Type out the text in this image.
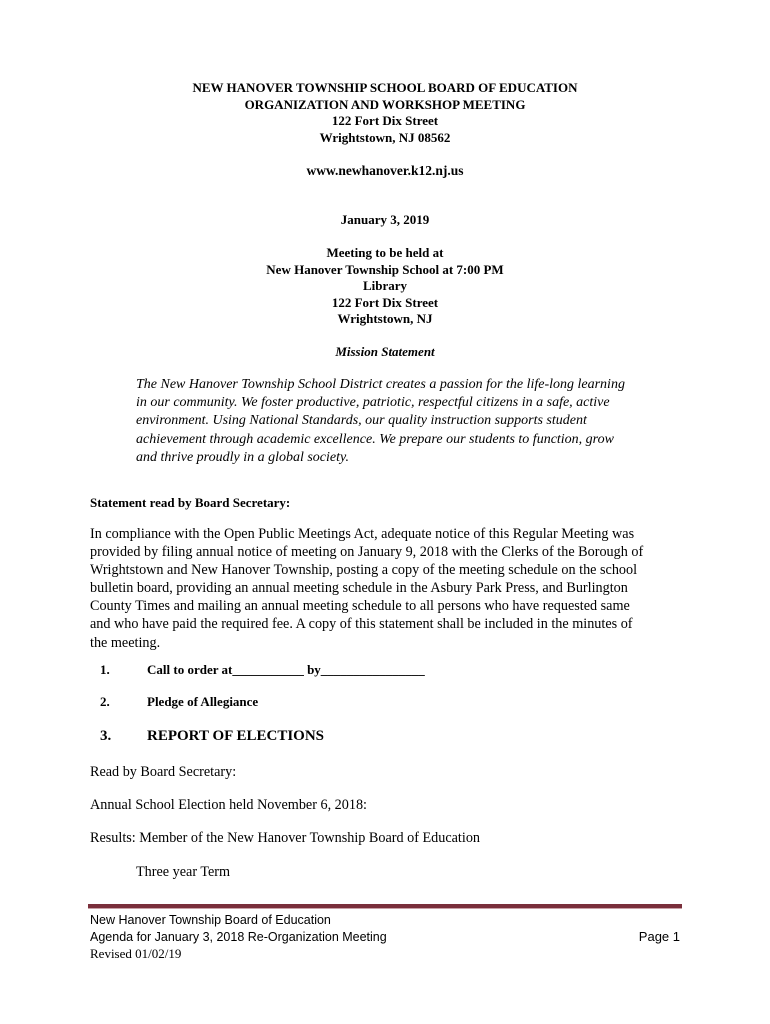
NEW HANOVER TOWNSHIP SCHOOL BOARD OF EDUCATION
ORGANIZATION AND WORKSHOP MEETING
122 Fort Dix Street
Wrightstown, NJ 08562
www.newhanover.k12.nj.us
January 3, 2019
Meeting to be held at
New Hanover Township School at 7:00 PM
Library
122 Fort Dix Street
Wrightstown, NJ
Mission Statement
The New Hanover Township School District creates a passion for the life-long learning
in our community. We foster productive, patriotic, respectful citizens in a safe, active
environment. Using National Standards, our quality instruction supports student
achievement through academic excellence. We prepare our students to function, grow
and thrive proudly in a global society.
Statement read by Board Secretary:
In compliance with the Open Public Meetings Act, adequate notice of this Regular Meeting was
provided by filing annual notice of meeting on January 9, 2018 with the Clerks of the Borough of
Wrightstown and New Hanover Township, posting a copy of the meeting schedule on the school
bulletin board, providing an annual meeting schedule in the Asbury Park Press, and Burlington
County Times and mailing an annual meeting schedule to all persons who have requested same
and who have paid the required fee. A copy of this statement shall be included in the minutes of
the meeting.
1.	Call to order at___________ by________________
2.	Pledge of Allegiance
3. REPORT OF ELECTIONS
Read by Board Secretary:
Annual School Election held November 6, 2018:
Results: Member of the New Hanover Township Board of Education
Three year Term
New Hanover Township Board of Education
Agenda for January 3, 2018 Re-Organization Meeting
Revised 01/02/19
Page 1
